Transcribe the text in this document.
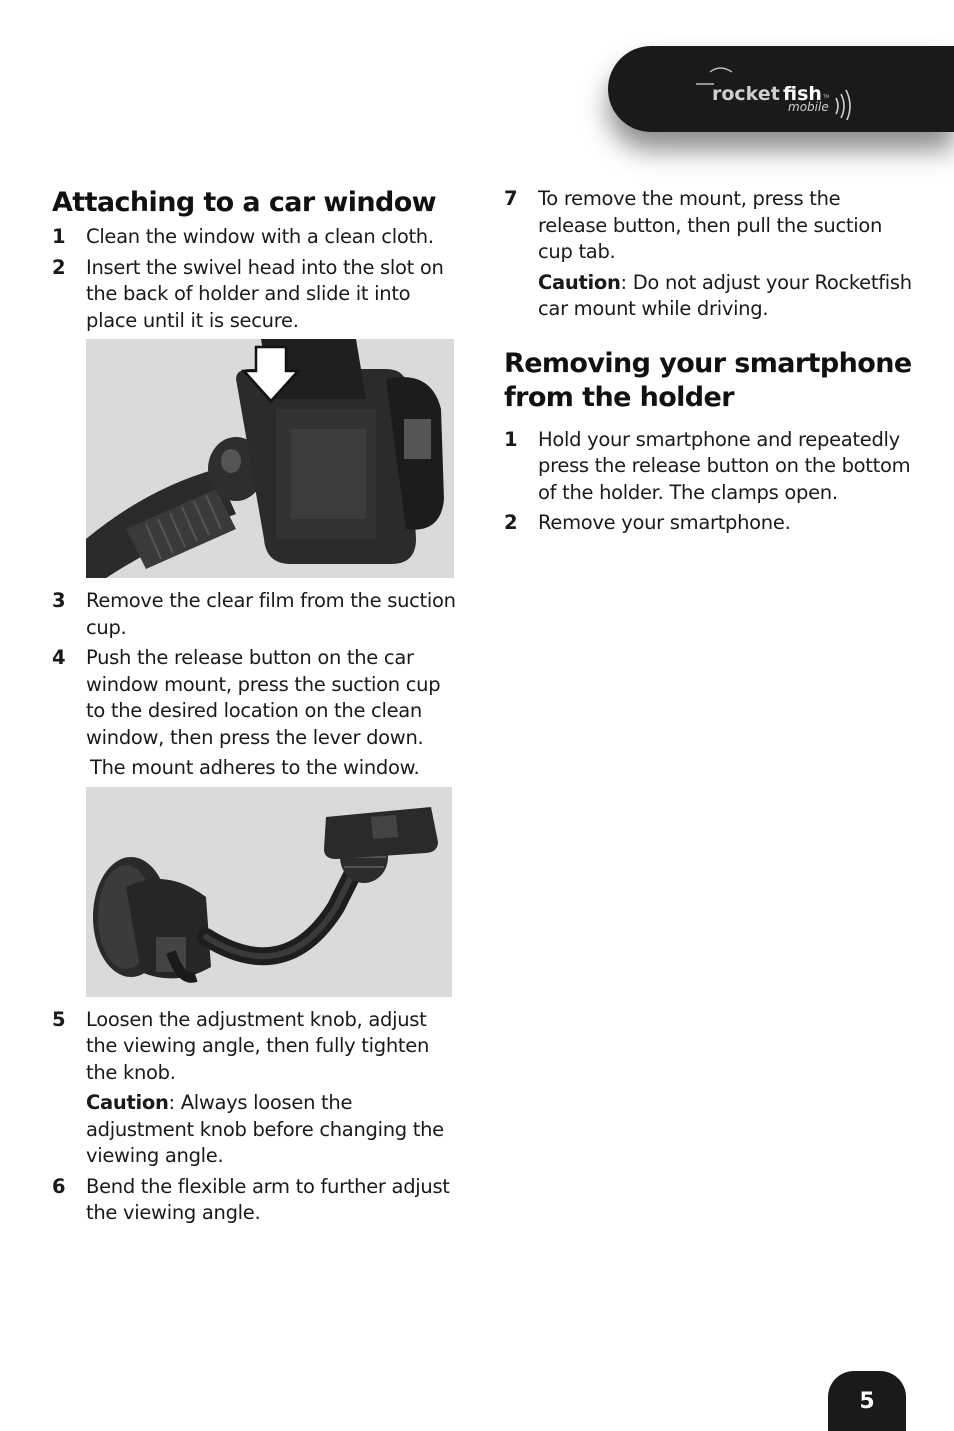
rocket fish TM
mobile
Attaching to a car window
1 Clean the window with a clean cloth.
2 Insert the swivel head into the slot on the back of holder and slide it into place until it is secure.
3 Remove the clear film from the suction cup.
4 Push the release button on the car window mount, press the suction cup to the desired location on the clean window, then press the lever down.
The mount adheres to the window.
5 Loosen the adjustment knob, adjust the viewing angle, then fully tighten the knob.
Caution: Always loosen the adjustment knob before changing the viewing angle.
6 Bend the flexible arm to further adjust the viewing angle.
7 To remove the mount, press the release button, then pull the suction cup tab.
Caution: Do not adjust your Rocketfish car mount while driving.
Removing your smartphone from the holder
1 Hold your smartphone and repeatedly press the release button on the bottom of the holder. The clamps open.
2 Remove your smartphone.
5
